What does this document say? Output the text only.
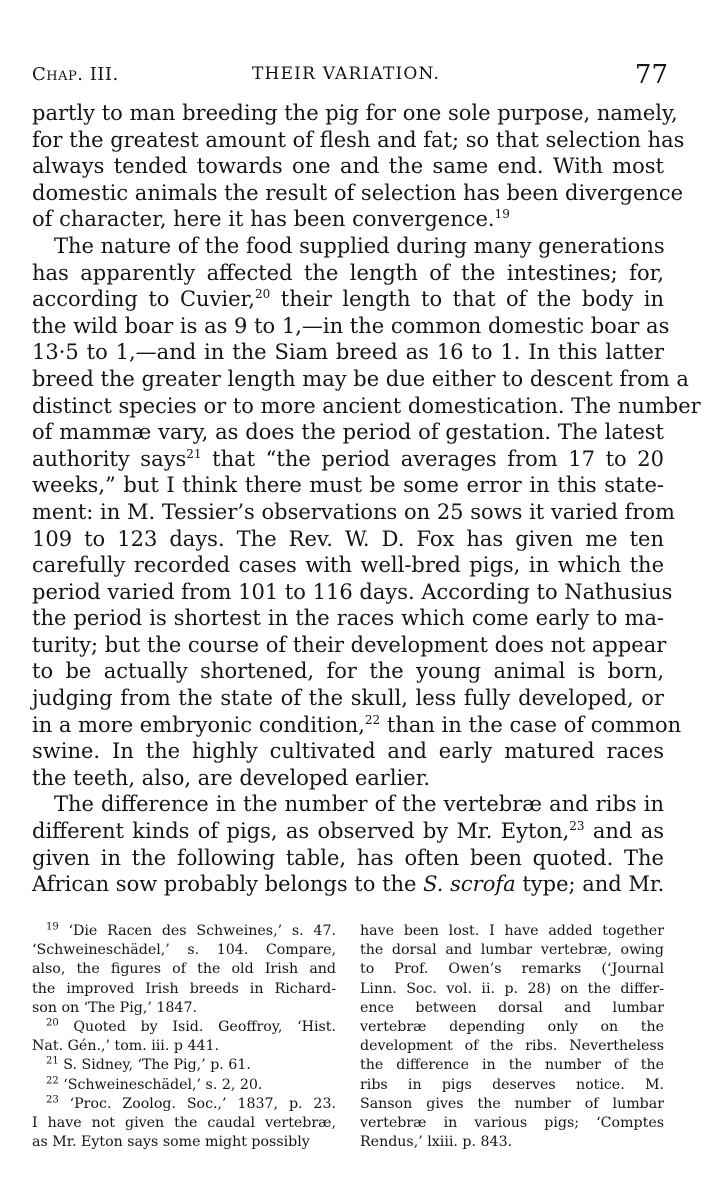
Chap. III.	THEIR VARIATION.	77
partly to man breeding the pig for one sole purpose, namely,
for the greatest amount of flesh and fat; so that selection has
always tended towards one and the same end. With most
domestic animals the result of selection has been divergence
of character, here it has been convergence.$^{19}$
The nature of the food supplied during many generations
has apparently affected the length of the intestines; for,
according to Cuvier,$^{20}$ their length to that of the body in
the wild boar is as 9 to 1,—in the common domestic boar as
13·5 to 1,—and in the Siam breed as 16 to 1. In this latter
breed the greater length may be due either to descent from a
distinct species or to more ancient domestication. The number
of mammæ vary, as does the period of gestation. The latest
authority says$^{21}$ that “the period averages from 17 to 20
weeks,” but I think there must be some error in this state-
ment: in M. Tessier’s observations on 25 sows it varied from
109 to 123 days. The Rev. W. D. Fox has given me ten
carefully recorded cases with well-bred pigs, in which the
period varied from 101 to 116 days. According to Nathusius
the period is shortest in the races which come early to ma-
turity; but the course of their development does not appear
to be actually shortened, for the young animal is born,
judging from the state of the skull, less fully developed, or
in a more embryonic condition,$^{22}$ than in the case of common
swine. In the highly cultivated and early matured races
the teeth, also, are developed earlier.
The difference in the number of the vertebræ and ribs in
different kinds of pigs, as observed by Mr. Eyton,$^{23}$ and as
given in the following table, has often been quoted. The
African sow probably belongs to the S. scrofa type; and Mr.
$^{19}$ ‘Die Racen des Schweines,’ s. 47.
‘Schweineschädel,’ s. 104. Compare,
also, the figures of the old Irish and
the improved Irish breeds in Richard-
son on ‘The Pig,’ 1847.
$^{20}$ Quoted by Isid. Geoffroy, ‘Hist.
Nat. Gén.,’ tom. iii. p 441.
$^{21}$ S. Sidney, ‘The Pig,’ p. 61.
$^{22}$ ‘Schweineschädel,’ s. 2, 20.
$^{23}$ ‘Proc. Zoolog. Soc.,’ 1837, p. 23.
I have not given the caudal vertebræ,
as Mr. Eyton says some might possibly
have been lost. I have added together
the dorsal and lumbar vertebræ, owing
to Prof. Owen’s remarks (‘Journal
Linn. Soc. vol. ii. p. 28) on the differ-
ence between dorsal and lumbar
vertebræ depending only on the
development of the ribs. Nevertheless
the difference in the number of the
ribs in pigs deserves notice. M.
Sanson gives the number of lumbar
vertebræ in various pigs; ‘Comptes
Rendus,’ lxiii. p. 843.
